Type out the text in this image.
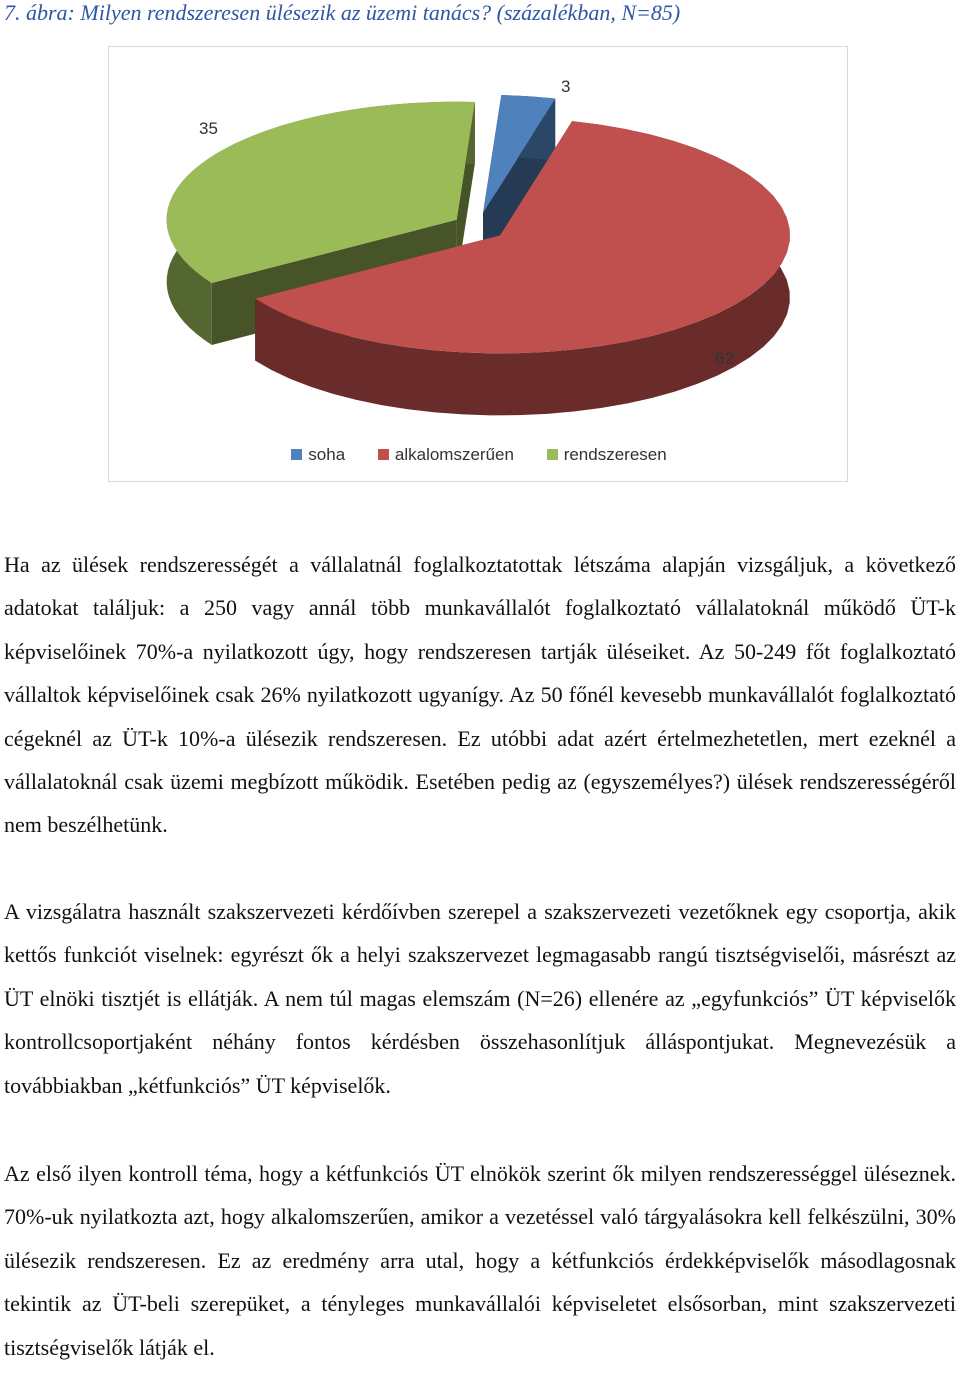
7. ábra: Milyen rendszeresen ülésezik az üzemi tanács? (százalékban, N=85)
3
62
35
soha	alkalomszerűen	rendszeresen

Ha az ülések rendszerességét a vállalatnál foglalkoztatottak létszáma alapján vizsgáljuk, a következő adatokat találjuk: a 250 vagy annál több munkavállalót foglalkoztató vállalatoknál működő ÜT-k képviselőinek 70%-a nyilatkozott úgy, hogy rendszeresen tartják üléseiket. Az 50-249 főt foglalkoztató vállaltok képviselőinek csak 26% nyilatkozott ugyanígy. Az 50 főnél kevesebb munkavállalót foglalkoztató cégeknél az ÜT-k 10%-a ülésezik rendszeresen. Ez utóbbi adat azért értelmezhetetlen, mert ezeknél a vállalatoknál csak üzemi megbízott működik. Esetében pedig az (egyszemélyes?) ülések rendszerességéről nem beszélhetünk.

A vizsgálatra használt szakszervezeti kérdőívben szerepel a szakszervezeti vezetőknek egy csoportja, akik kettős funkciót viselnek: egyrészt ők a helyi szakszervezet legmagasabb rangú tisztségviselői, másrészt az ÜT elnöki tisztjét is ellátják. A nem túl magas elemszám (N=26) ellenére az „egyfunkciós” ÜT képviselők kontrollcsoportjaként néhány fontos kérdésben összehasonlítjuk álláspontjukat. Megnevezésük a továbbiakban „kétfunkciós” ÜT képviselők.

Az első ilyen kontroll téma, hogy a kétfunkciós ÜT elnökök szerint ők milyen rendszerességgel üléseznek. 70%-uk nyilatkozta azt, hogy alkalomszerűen, amikor a vezetéssel való tárgyalásokra kell felkészülni, 30% ülésezik rendszeresen. Ez az eredmény arra utal, hogy a kétfunkciós érdekképviselők másodlagosnak tekintik az ÜT-beli szerepüket, a tényleges munkavállalói képviseletet elsősorban, mint szakszervezeti tisztségviselők látják el.
